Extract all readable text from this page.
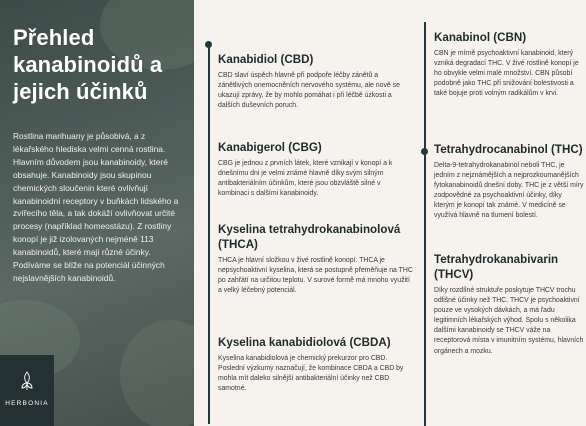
Přehled kanabinoidů a jejich účinků
Rostlina marihuany je působivá, a z lékařského hlediska velmi cenná rostlina. Hlavním důvodem jsou kanabinoidy, které obsahuje. Kanabinoidy jsou skupinou chemických sloučenin které ovlivňují kanabinoidní receptory v buňkách lidského a zvířecího těla, a tak dokáží ovlivňovat určité procesy (například homeostázu). Z rostliny konopí je již izolovaných nejméně 113 kanabinoidů, které mají různé účinky. Podíváme se blíže na potenciál účinných nejslavnějších kanabinoidů.
HERBONIA
Kanabidiol (CBD)

CBD slaví úspěch hlavně při podpoře léčby zánětů a zánětlivých onemocněních nervového systému, ale nově se ukazují zprávy, že by mohlo pomáhat i při léčbě úzkosti a dalších duševních poruch.

Kanabigerol (CBG)

CBG je jednou z prvních látek, které vznikají v konopí a k dnešnímu dni je velmi známé hlavně díky svým silným antibakteriálním účinkům, které jsou obzvláště silné v kombinaci s dalšími kanabinoidy.

Kyselina tetrahydrokanabinolová (THCA)

THCA je hlavní složkou v živé rostlině konopí. THCA je nepsychoaktivní kyselina, která se postupně přeměňuje na THC po zahřátí na určitou teplotu. V surové formě má mnoho využití a velký léčebný potenciál.

Kyselina kanabidiolová (CBDA)

Kyselina kanabidiolová je chemický prekurzor pro CBD. Poslední výzkumy naznačují, že kombinace CBDA a CBD by mohla mít daleko silnější antibakteriální účinky než CBD samotné.

Kanabinol (CBN)

CBN je mírně psychoaktivní kanabinoid, který vzniká degradací THC. V živé rostlině konopí je ho obvykle velmi malé množství. CBN působí podobně jako THC při snižování bolestivosti a také bojuje proti volným radikálům v krvi.

Tetrahydrocanabinol (THC)

Delta-9-tetrahydrokanabinol neboli THC, je jedním z nejznámějších a nejprozkoumanějších fytokanabinoidů dnešní doby. THC je z větší míry zodpovědné za psychoaktivní účinky, díky kterým je konopí tak známé. V medicíně se využívá hlavně na tlumení bolestí.

Tetrahydrokanabivarin (THCV)

Díky rozdílné struktuře poskytuje THCV trochu odlišné účinky než THC. THCV je psychoaktivní pouze ve vysokých dávkách, a má řadu legitimních lékařských výhod. Spolu s několika dalšími kanabinoidy se THCV váže na receptorová místa v imunitním systému, hlavních orgánech a mozku.
